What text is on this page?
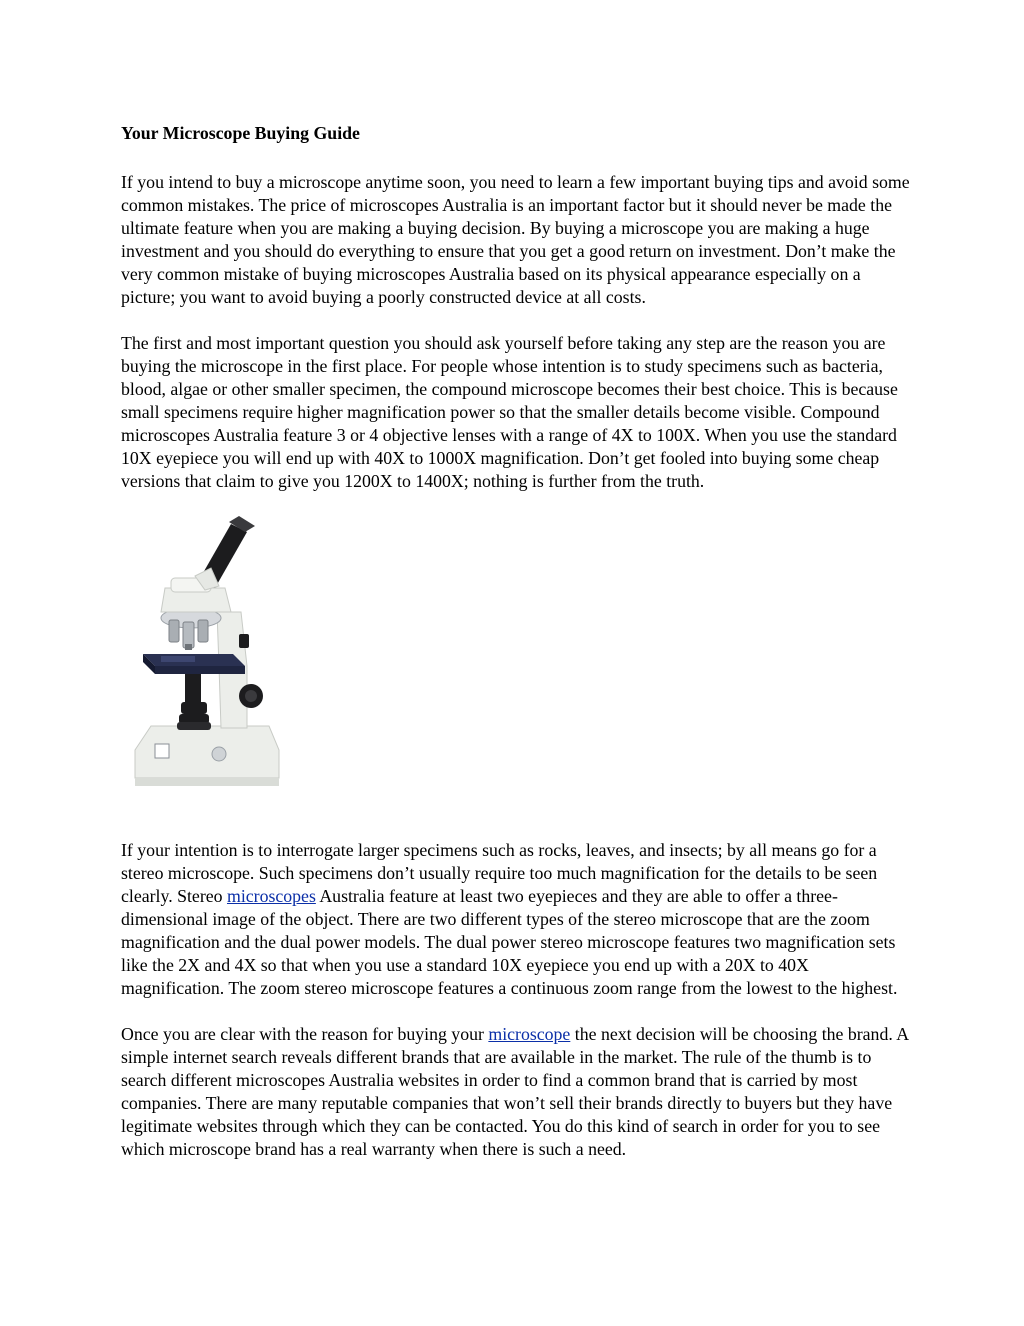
Your Microscope Buying Guide

If you intend to buy a microscope anytime soon, you need to learn a few important buying tips and avoid some common mistakes. The price of microscopes Australia is an important factor but it should never be made the ultimate feature when you are making a buying decision. By buying a microscope you are making a huge investment and you should do everything to ensure that you get a good return on investment. Don’t make the very common mistake of buying microscopes Australia based on its physical appearance especially on a picture; you want to avoid buying a poorly constructed device at all costs.

The first and most important question you should ask yourself before taking any step are the reason you are buying the microscope in the first place. For people whose intention is to study specimens such as bacteria, blood, algae or other smaller specimen, the compound microscope becomes their best choice. This is because small specimens require higher magnification power so that the smaller details become visible. Compound microscopes Australia feature 3 or 4 objective lenses with a range of 4X to 100X. When you use the standard 10X eyepiece you will end up with 40X to 1000X magnification. Don’t get fooled into buying some cheap versions that claim to give you 1200X to 1400X; nothing is further from the truth.

If your intention is to interrogate larger specimens such as rocks, leaves, and insects; by all means go for a stereo microscope. Such specimens don’t usually require too much magnification for the details to be seen clearly. Stereo microscopes Australia feature at least two eyepieces and they are able to offer a three-dimensional image of the object. There are two different types of the stereo microscope that are the zoom magnification and the dual power models. The dual power stereo microscope features two magnification sets like the 2X and 4X so that when you use a standard 10X eyepiece you end up with a 20X to 40X magnification. The zoom stereo microscope features a continuous zoom range from the lowest to the highest.

Once you are clear with the reason for buying your microscope the next decision will be choosing the brand. A simple internet search reveals different brands that are available in the market. The rule of the thumb is to search different microscopes Australia websites in order to find a common brand that is carried by most companies. There are many reputable companies that won’t sell their brands directly to buyers but they have legitimate websites through which they can be contacted. You do this kind of search in order for you to see which microscope brand has a real warranty when there is such a need.
